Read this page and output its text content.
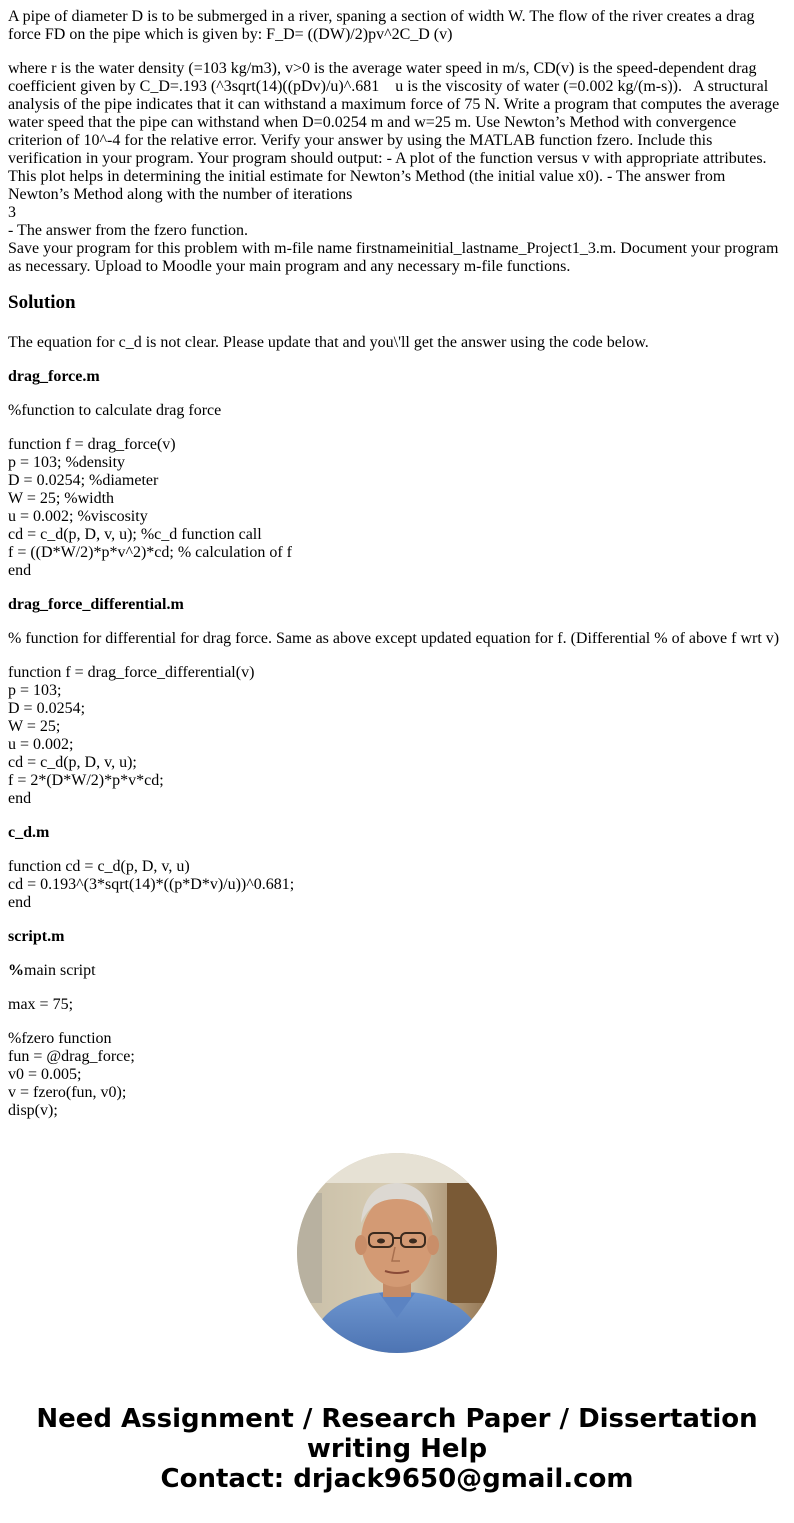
A pipe of diameter D is to be submerged in a river, spaning a section of width W. The flow of the river creates a drag force FD on the pipe which is given by: F_D= ((DW)/2)pv^2C_D (v)

where r is the water density (=103 kg/m3), v>0 is the average water speed in m/s, CD(v) is the speed-dependent drag coefficient given by C_D=.193 (^3sqrt(14)((pDv)/u)^.681    u is the viscosity of water (=0.002 kg/(m-s)).   A structural analysis of the pipe indicates that it can withstand a maximum force of 75 N. Write a program that computes the average water speed that the pipe can withstand when D=0.0254 m and w=25 m. Use Newton’s Method with convergence criterion of 10^-4 for the relative error. Verify your answer by using the MATLAB function fzero. Include this verification in your program. Your program should output: - A plot of the function versus v with appropriate attributes. This plot helps in determining the initial estimate for Newton’s Method (the initial value x0). - The answer from Newton’s Method along with the number of iterations
3
- The answer from the fzero function.
Save your program for this problem with m-file name firstnameinitial_lastname_Project1_3.m. Document your program as necessary. Upload to Moodle your main program and any necessary m-file functions.

Solution

The equation for c_d is not clear. Please update that and you\'ll get the answer using the code below.

drag_force.m

%function to calculate drag force

function f = drag_force(v)
p = 103; %density
D = 0.0254; %diameter
W = 25; %width
u = 0.002; %viscosity
cd = c_d(p, D, v, u); %c_d function call
f = ((D*W/2)*p*v^2)*cd; % calculation of f
end

drag_force_differential.m

% function for differential for drag force. Same as above except updated equation for f. (Differential % of above f wrt v)

function f = drag_force_differential(v)
p = 103;
D = 0.0254;
W = 25;
u = 0.002;
cd = c_d(p, D, v, u);
f = 2*(D*W/2)*p*v*cd;
end

c_d.m

function cd = c_d(p, D, v, u)
cd = 0.193^(3*sqrt(14)*((p*D*v)/u))^0.681;
end

script.m

%main script

max = 75;

%fzero function
fun = @drag_force;
v0 = 0.005;
v = fzero(fun, v0);
disp(v);
Need Assignment / Research Paper / Dissertation
writing Help
Contact: drjack9650@gmail.com
